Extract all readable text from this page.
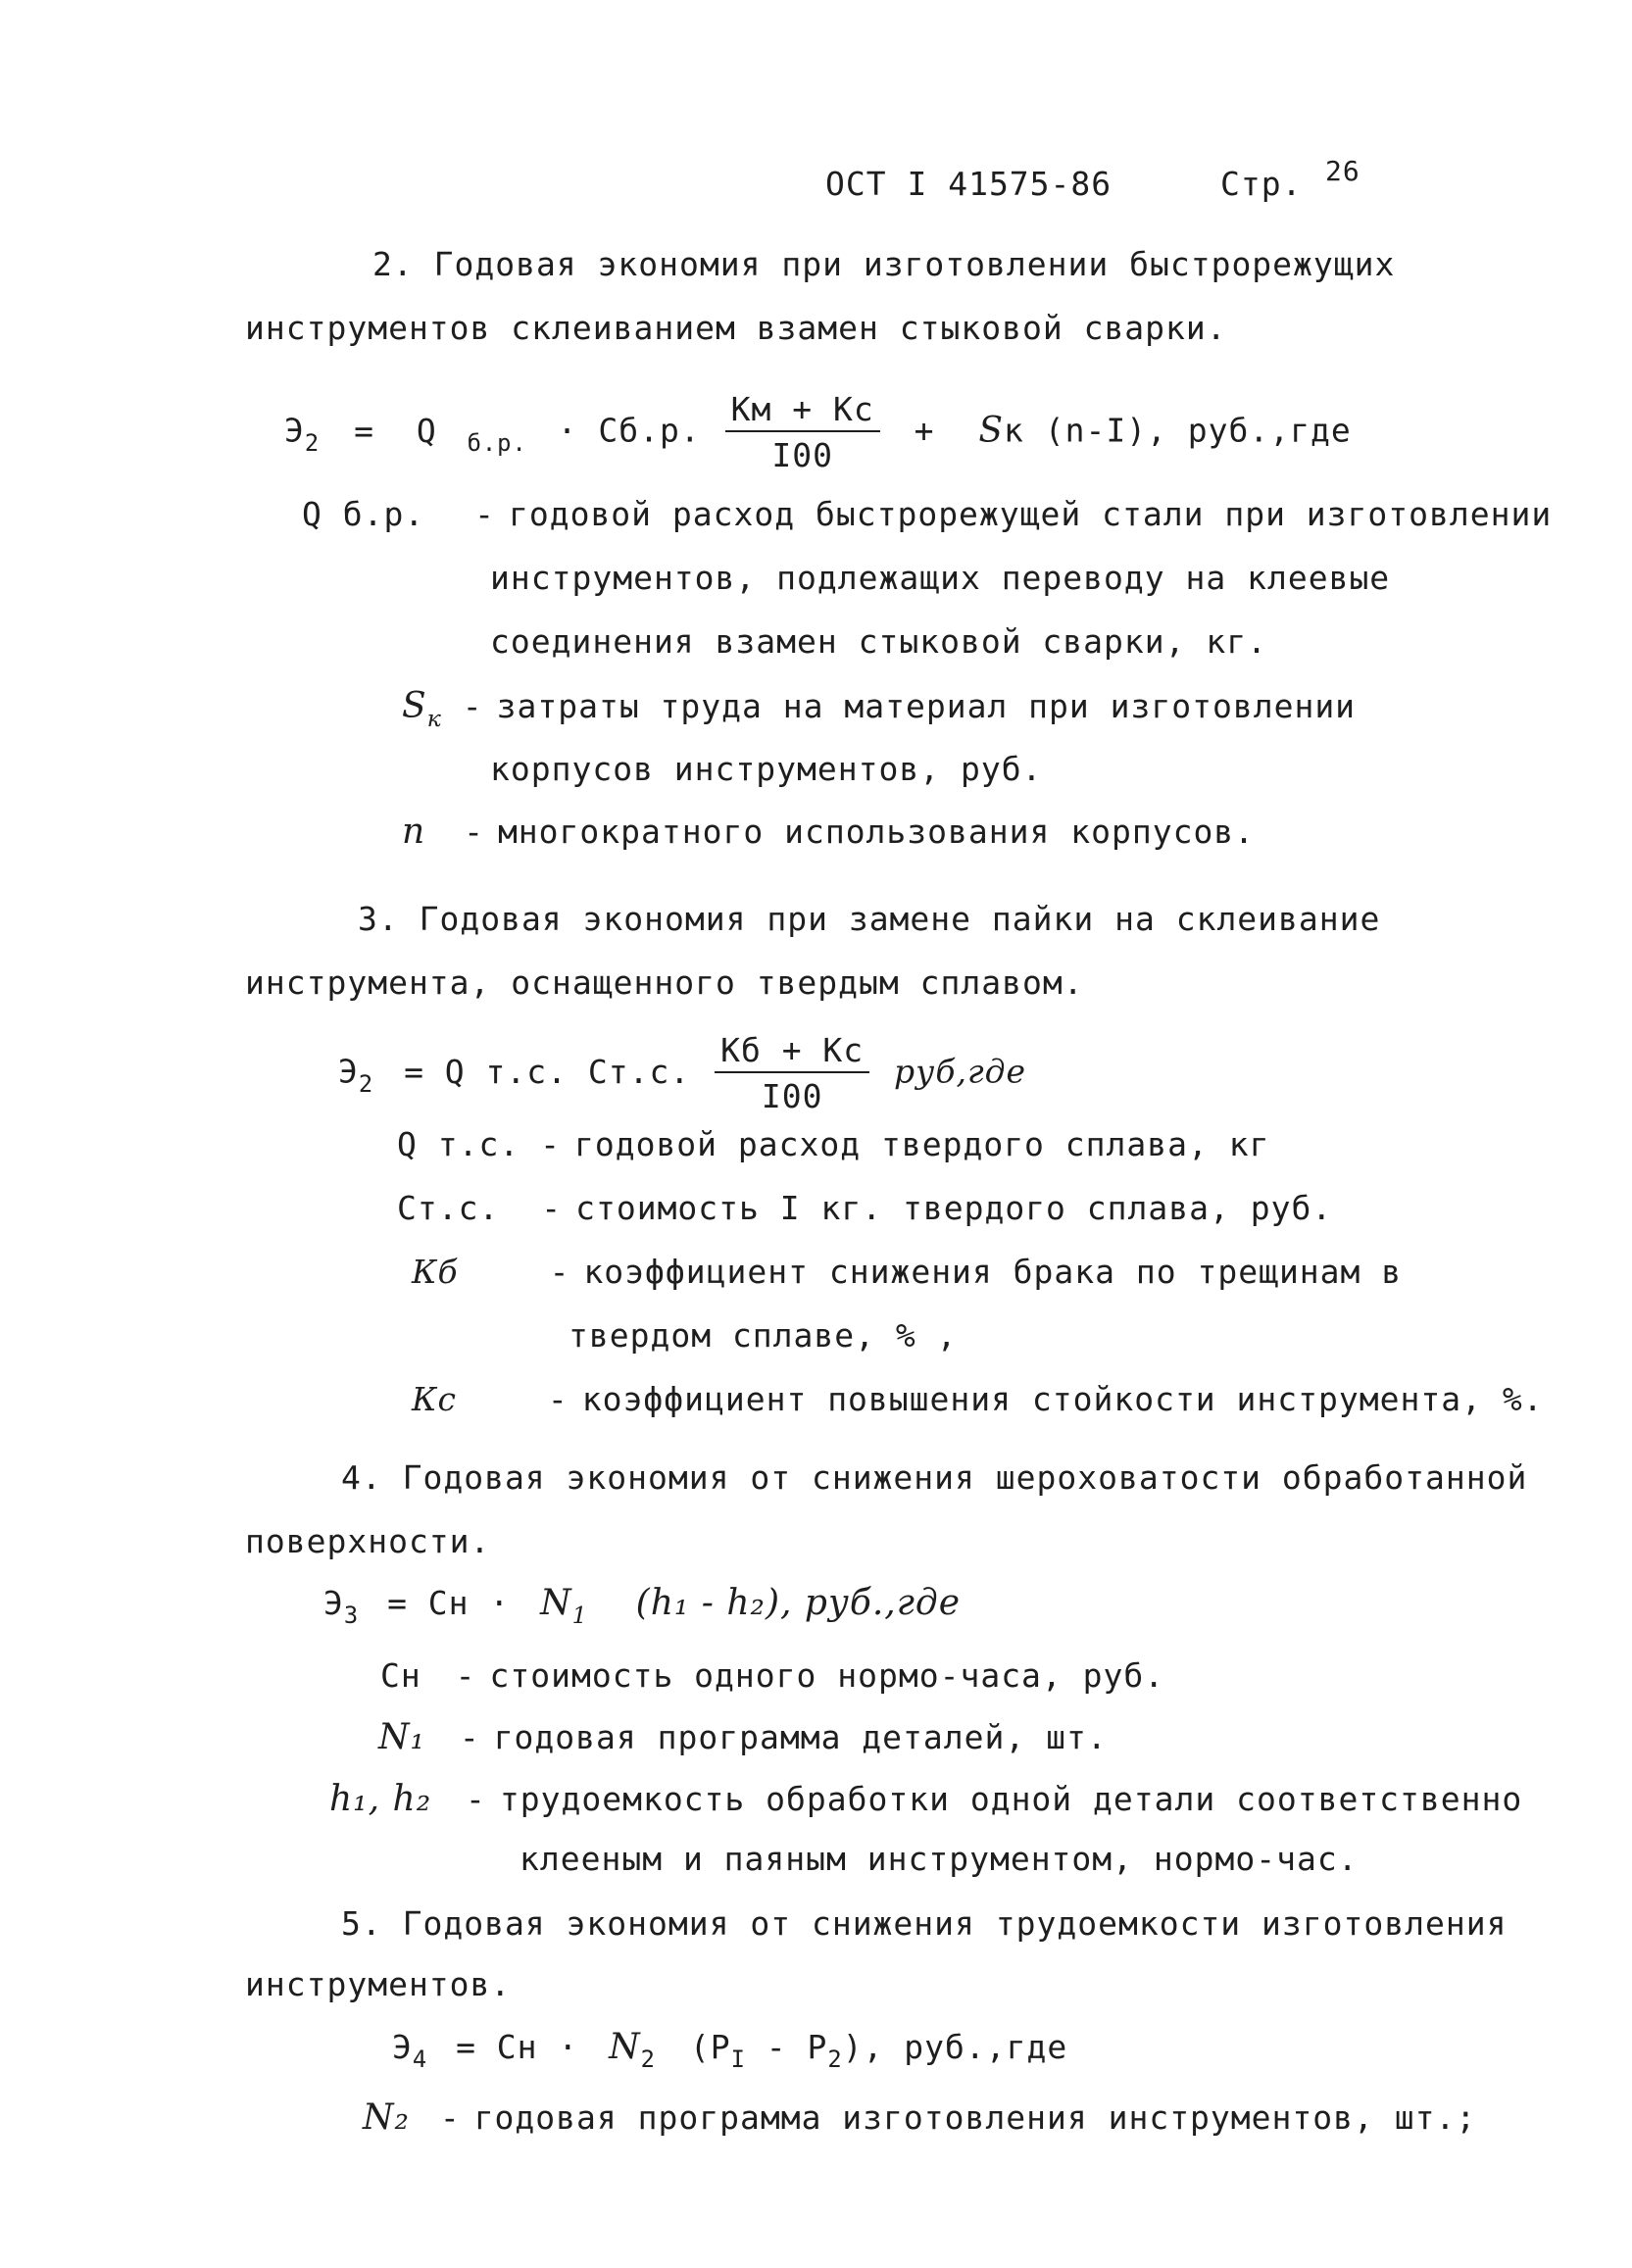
ОСТ I 41575-86	Стр. 26
2. Годовая экономия при изготовлении быстрорежущих
инструментов склеиванием взамен стыковой сварки.
$Э_2 = Q$ $_{б.р.}$ · Сб.р. $\frac{Км + Кс}{I00}$ + Sк (n-I), руб.,где
Q б.р. - годовой расход быстрорежущей стали при изготовлении
инструментов, подлежащих переводу на клеевые
соединения взамен стыковой сварки, кг.
$S_к$ - затраты труда на материал при изготовлении
корпусов инструментов, руб.
n - многократного использования корпусов.
3. Годовая экономия при замене пайки на склеивание
инструмента, оснащенного твердым сплавом.
$Э_2 = Q$ т.с. Ст.с. $\frac{Кб + Кс}{I00} руб,где$
Q т.с. - годовой расход твердого сплава, кг
Ст.с. - стоимость I кг. твердого сплава, руб.
Кб	- коэффициент снижения брака по трещинам в
твердом сплаве, % ,
Кс	- коэффициент повышения стойкости инструмента, %.
4. Годовая экономия от снижения шероховатости обработанной
поверхности.
$Э_3$ = Сн · $N_1$ (h₁ - h₂), руб.,где
Сн - стоимость одного нормо-часа, руб.
N₁ - годовая программа деталей, шт.
h₁, h₂ - трудоемкость обработки одной детали соответственно
клееным и паяным инструментом, нормо-час.
5. Годовая экономия от снижения трудоемкости изготовления
инструментов.
$Э_4$ = Сн · $N_2$ $(P_I - P_2)$, руб.,где
N₂ - годовая программа изготовления инструментов, шт.;
